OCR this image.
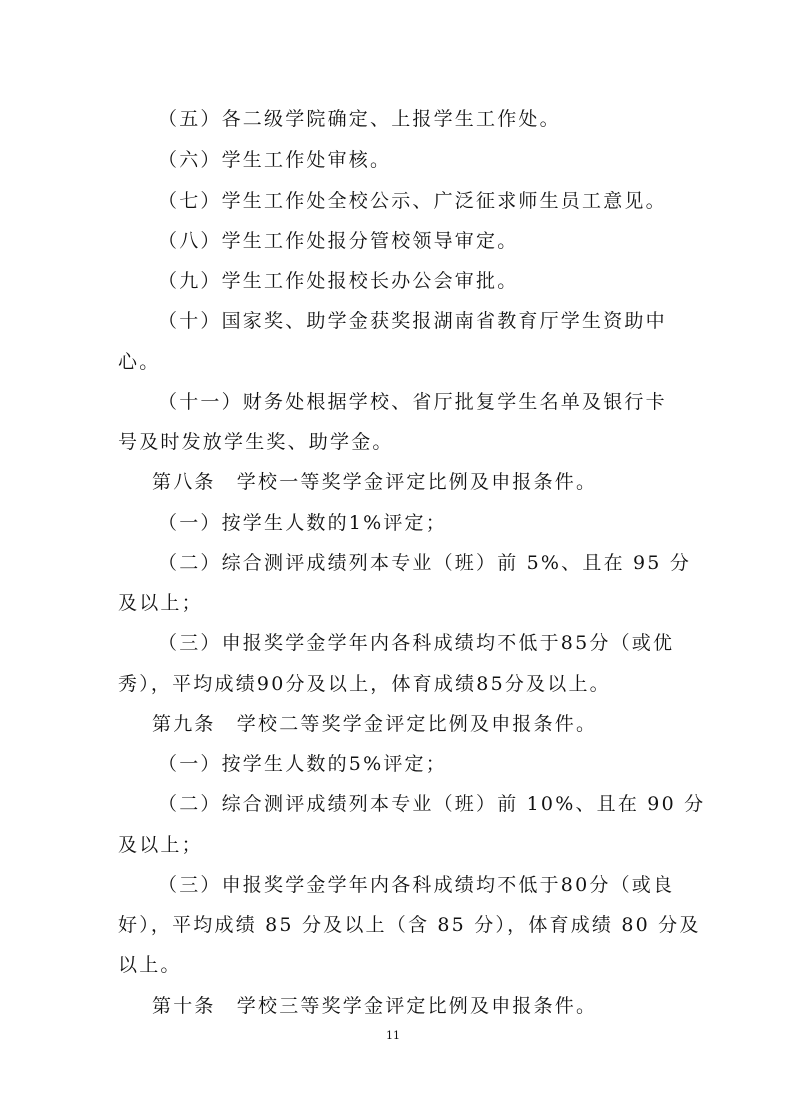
（五）各二级学院确定、上报学生工作处。
（六）学生工作处审核。
（七）学生工作处全校公示、广泛征求师生员工意见。
（八）学生工作处报分管校领导审定。
（九）学生工作处报校长办公会审批。
（十）国家奖、助学金获奖报湖南省教育厅学生资助中
心。
（十一）财务处根据学校、省厅批复学生名单及银行卡
号及时发放学生奖、助学金。
第八条　学校一等奖学金评定比例及申报条件。
（一）按学生人数的1%评定；
（二）综合测评成绩列本专业（班）前 5%、且在 95 分
及以上；
（三）申报奖学金学年内各科成绩均不低于85分（或优
秀），平均成绩90分及以上，体育成绩85分及以上。
第九条　学校二等奖学金评定比例及申报条件。
（一）按学生人数的5%评定；
（二）综合测评成绩列本专业（班）前 10%、且在 90 分
及以上；
（三）申报奖学金学年内各科成绩均不低于80分（或良
好），平均成绩 85 分及以上（含 85 分），体育成绩 80 分及
以上。
第十条　学校三等奖学金评定比例及申报条件。
11
